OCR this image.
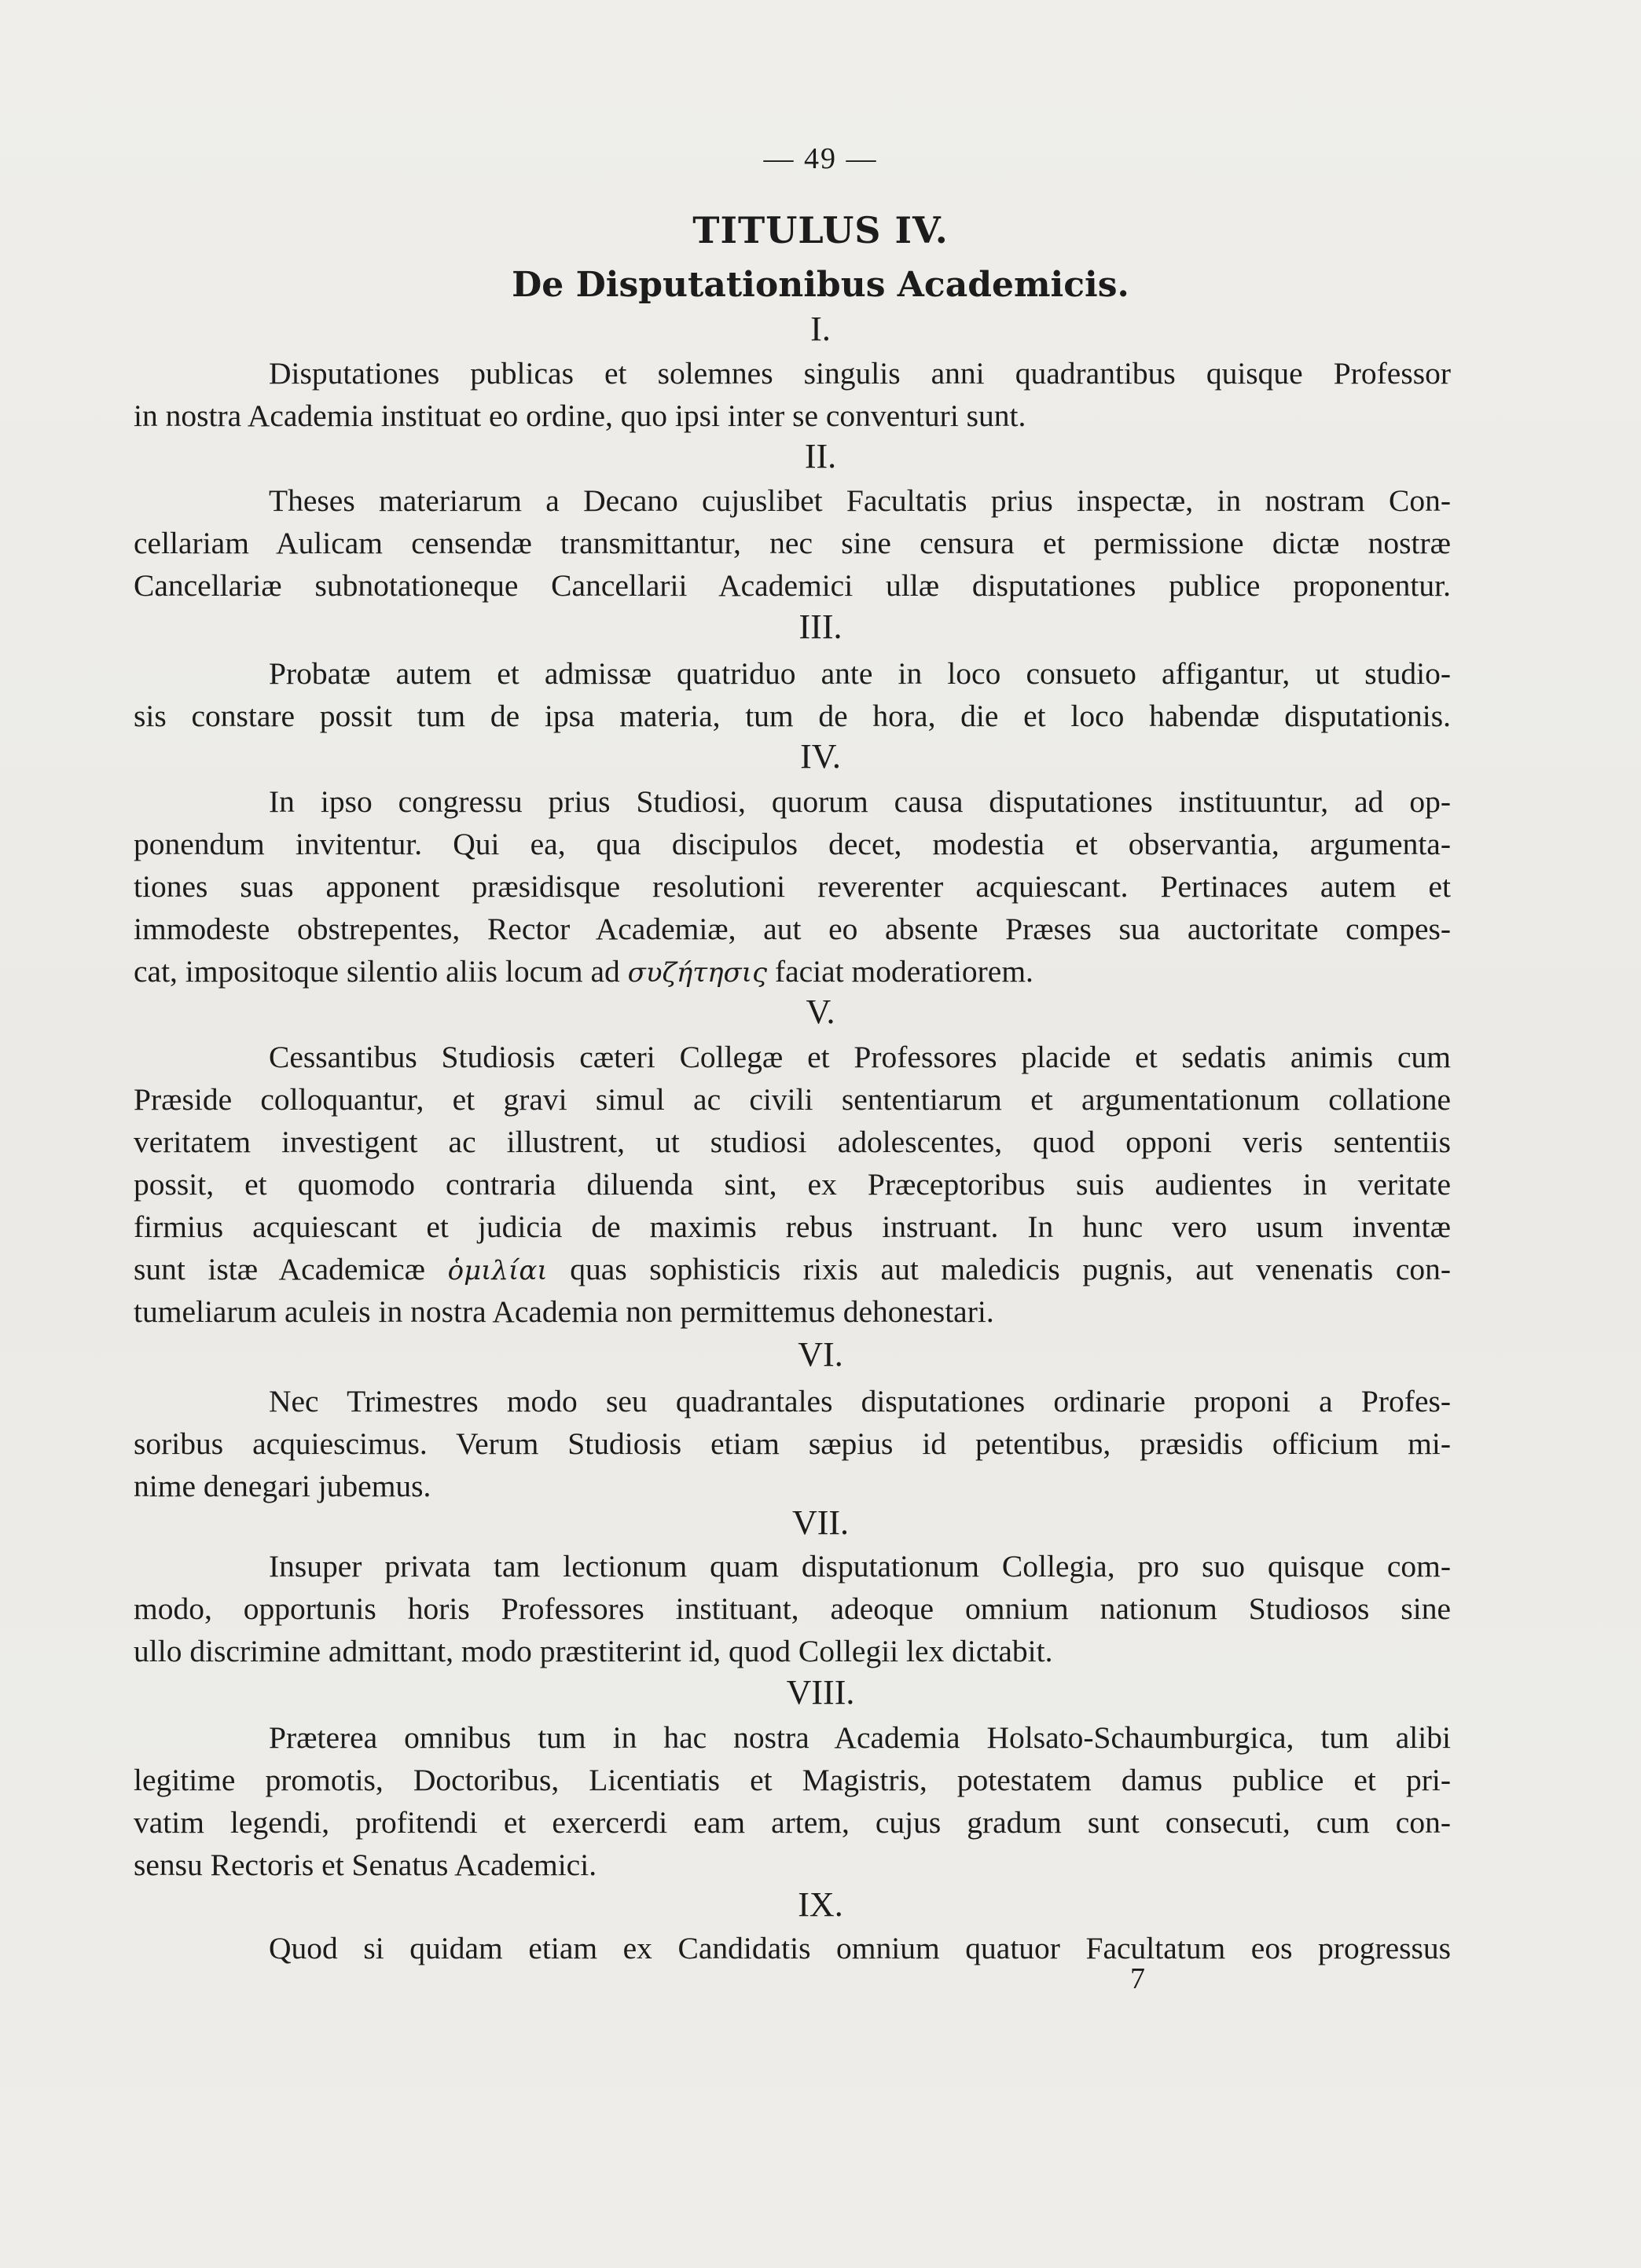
— 49 —
TITULUS IV.
De Disputationibus Academicis.
I.
Disputationes publicas et solemnes singulis anni quadrantibus quisque Professor
in nostra Academia instituat eo ordine, quo ipsi inter se conventuri sunt.
II.
Theses materiarum a Decano cujuslibet Facultatis prius inspectæ, in nostram Con-
cellariam Aulicam censendæ transmittantur, nec sine censura et permissione dictæ nostræ
Cancellariæ subnotationeque Cancellarii Academici ullæ disputationes publice proponentur.
III.
Probatæ autem et admissæ quatriduo ante in loco consueto affigantur, ut studio-
sis constare possit tum de ipsa materia, tum de hora, die et loco habendæ disputationis.
IV.
In ipso congressu prius Studiosi, quorum causa disputationes instituuntur, ad op-
ponendum invitentur. Qui ea, qua discipulos decet, modestia et observantia, argumenta-
tiones suas apponent præsidisque resolutioni reverenter acquiescant. Pertinaces autem et
immodeste obstrepentes, Rector Academiæ, aut eo absente Præses sua auctoritate compes-
cat, impositoque silentio aliis locum ad συζήτησις faciat moderatiorem.
V.
Cessantibus Studiosis cæteri Collegæ et Professores placide et sedatis animis cum
Præside colloquantur, et gravi simul ac civili sententiarum et argumentationum collatione
veritatem investigent ac illustrent, ut studiosi adolescentes, quod opponi veris sententiis
possit, et quomodo contraria diluenda sint, ex Præceptoribus suis audientes in veritate
firmius acquiescant et judicia de maximis rebus instruant. In hunc vero usum inventæ
sunt istæ Academicæ ὁμιλίαι quas sophisticis rixis aut maledicis pugnis, aut venenatis con-
tumeliarum aculeis in nostra Academia non permittemus dehonestari.
VI.
Nec Trimestres modo seu quadrantales disputationes ordinarie proponi a Profes-
soribus acquiescimus. Verum Studiosis etiam sæpius id petentibus, præsidis officium mi-
nime denegari jubemus.
VII.
Insuper privata tam lectionum quam disputationum Collegia, pro suo quisque com-
modo, opportunis horis Professores instituant, adeoque omnium nationum Studiosos sine
ullo discrimine admittant, modo præstiterint id, quod Collegii lex dictabit.
VIII.
Præterea omnibus tum in hac nostra Academia Holsato-Schaumburgica, tum alibi
legitime promotis, Doctoribus, Licentiatis et Magistris, potestatem damus publice et pri-
vatim legendi, profitendi et exercerdi eam artem, cujus gradum sunt consecuti, cum con-
sensu Rectoris et Senatus Academici.
IX.
Quod si quidam etiam ex Candidatis omnium quatuor Facultatum eos progressus
7
